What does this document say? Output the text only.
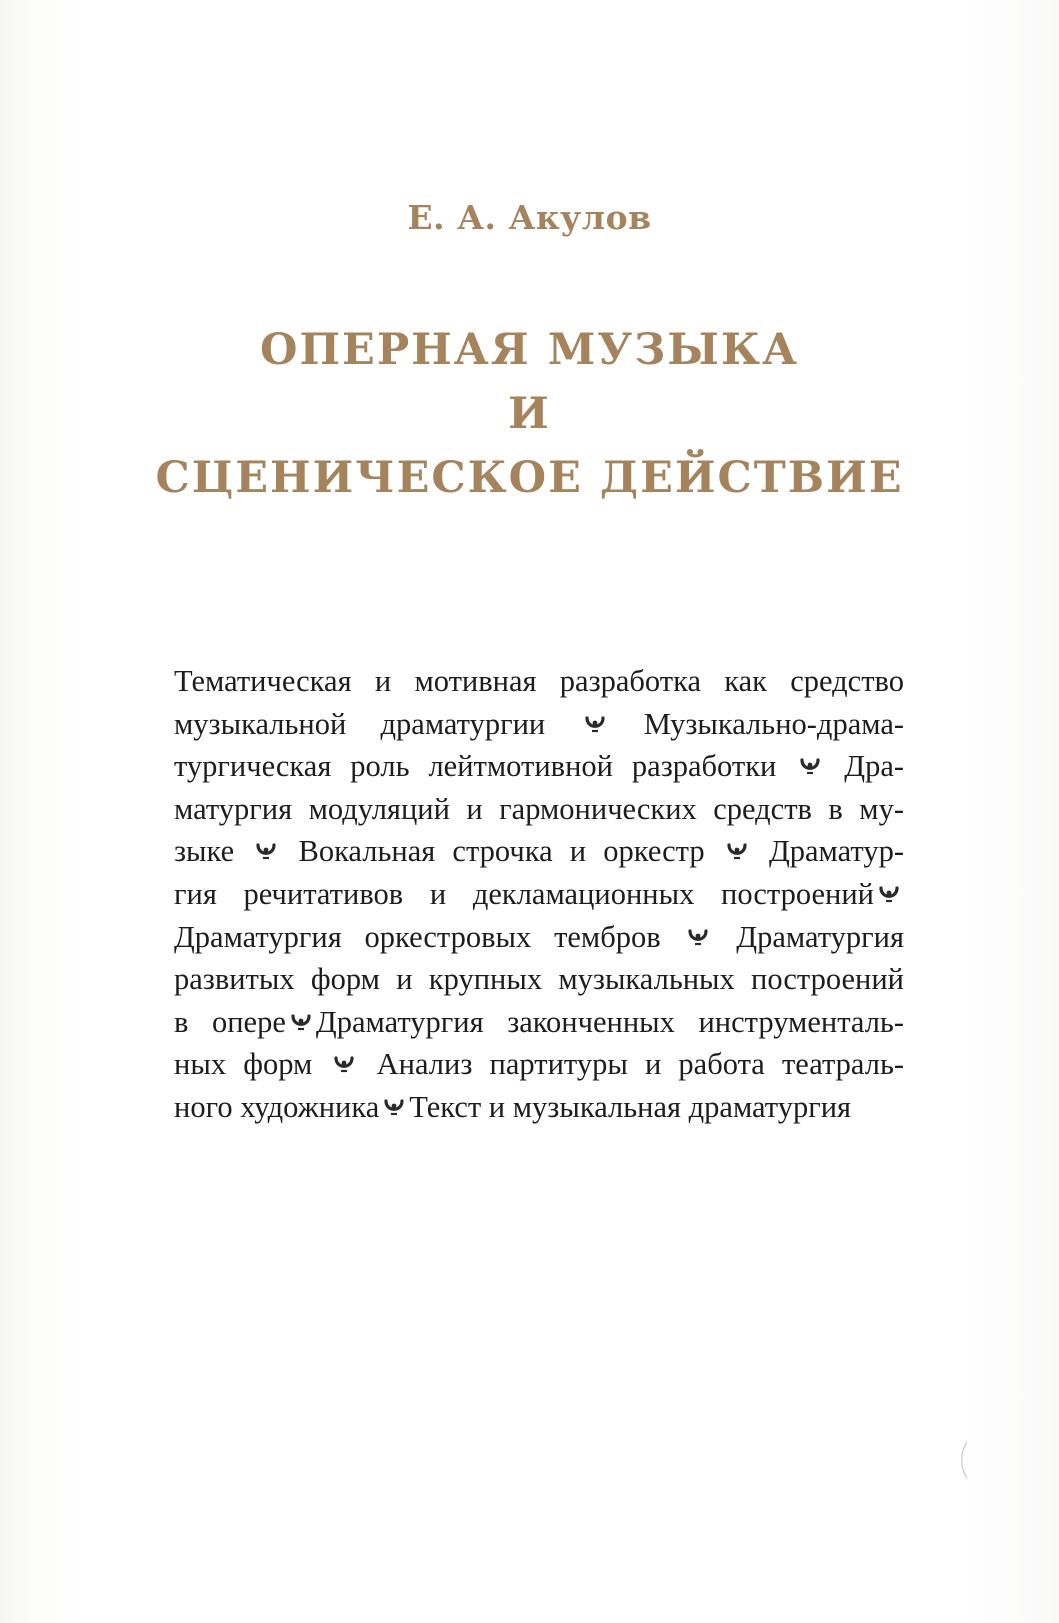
Е. А. Акулов
ОПЕРНАЯ МУЗЫКА
И
СЦЕНИЧЕСКОЕ ДЕЙСТВИЕ
Тематическая и мотивная разработка как средство
музыкальной драматургии	Музыкально-драма-
тургическая роль лейтмотивной разработки Дра-
матургия модуляций и гармонических средств в му-
зыке Вокальная строчка и оркестр Драматур-
гия речитативов и декламационных построений
Драматургия оркестровых тембров Драматургия
развитых форм и крупных музыкальных построений
в опере Драматургия законченных инструменталь-
ных форм Анализ партитуры и работа театраль-
ного художника Текст и музыкальная драматургия
